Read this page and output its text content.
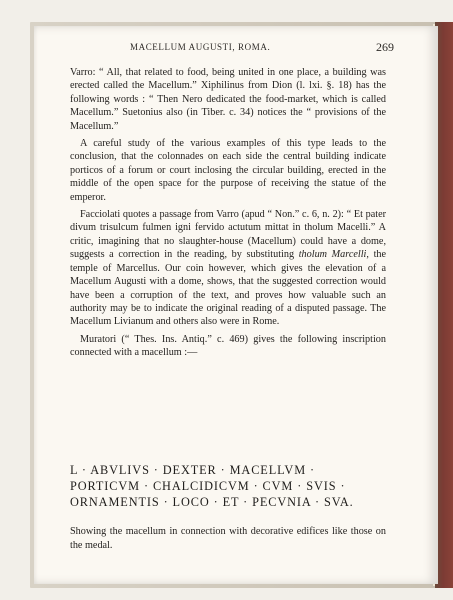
MACELLUM AUGUSTI, ROMA.	269

Varro: “ All, that related to food, being united in one place, a building was erected called the Macellum.” Xiphilinus from Dion (l. lxi. §. 18) has the following words : “ Then Nero dedicated the food-market, which is called Macellum.” Suetonius also (in Tiber. c. 34) notices the “ provisions of the Macellum.”

A careful study of the various examples of this type leads to the conclusion, that the colonnades on each side the central building indicate porticos of a forum or court inclosing the circular building, erected in the middle of the open space for the purpose of receiving the statue of the emperor.

Facciolati quotes a passage from Varro (apud “ Non.” c. 6, n. 2): “ Et pater divum trisulcum fulmen igni fervido actutum mittat in tholum Macelli.” A critic, imagining that no slaughter-house (Macellum) could have a dome, suggests a correction in the reading, by substituting tholum Marcelli, the temple of Marcellus. Our coin however, which gives the elevation of a Macellum Augusti with a dome, shows, that the suggested correction would have been a corruption of the text, and proves how valuable such an authority may be to indicate the original reading of a disputed passage. The Macellum Livianum and others also were in Rome.

Muratori (“ Thes. Ins. Antiq.” c. 469) gives the following inscription connected with a macellum :—

L · ABVLIVS · DEXTER · MACELLVM ·
PORTICVM · CHALCIDICVM · CVM · SVIS ·
ORNAMENTIS · LOCO · ET · PECVNIA · SVA.

Showing the macellum in connection with decorative edifices like those on the medal.
